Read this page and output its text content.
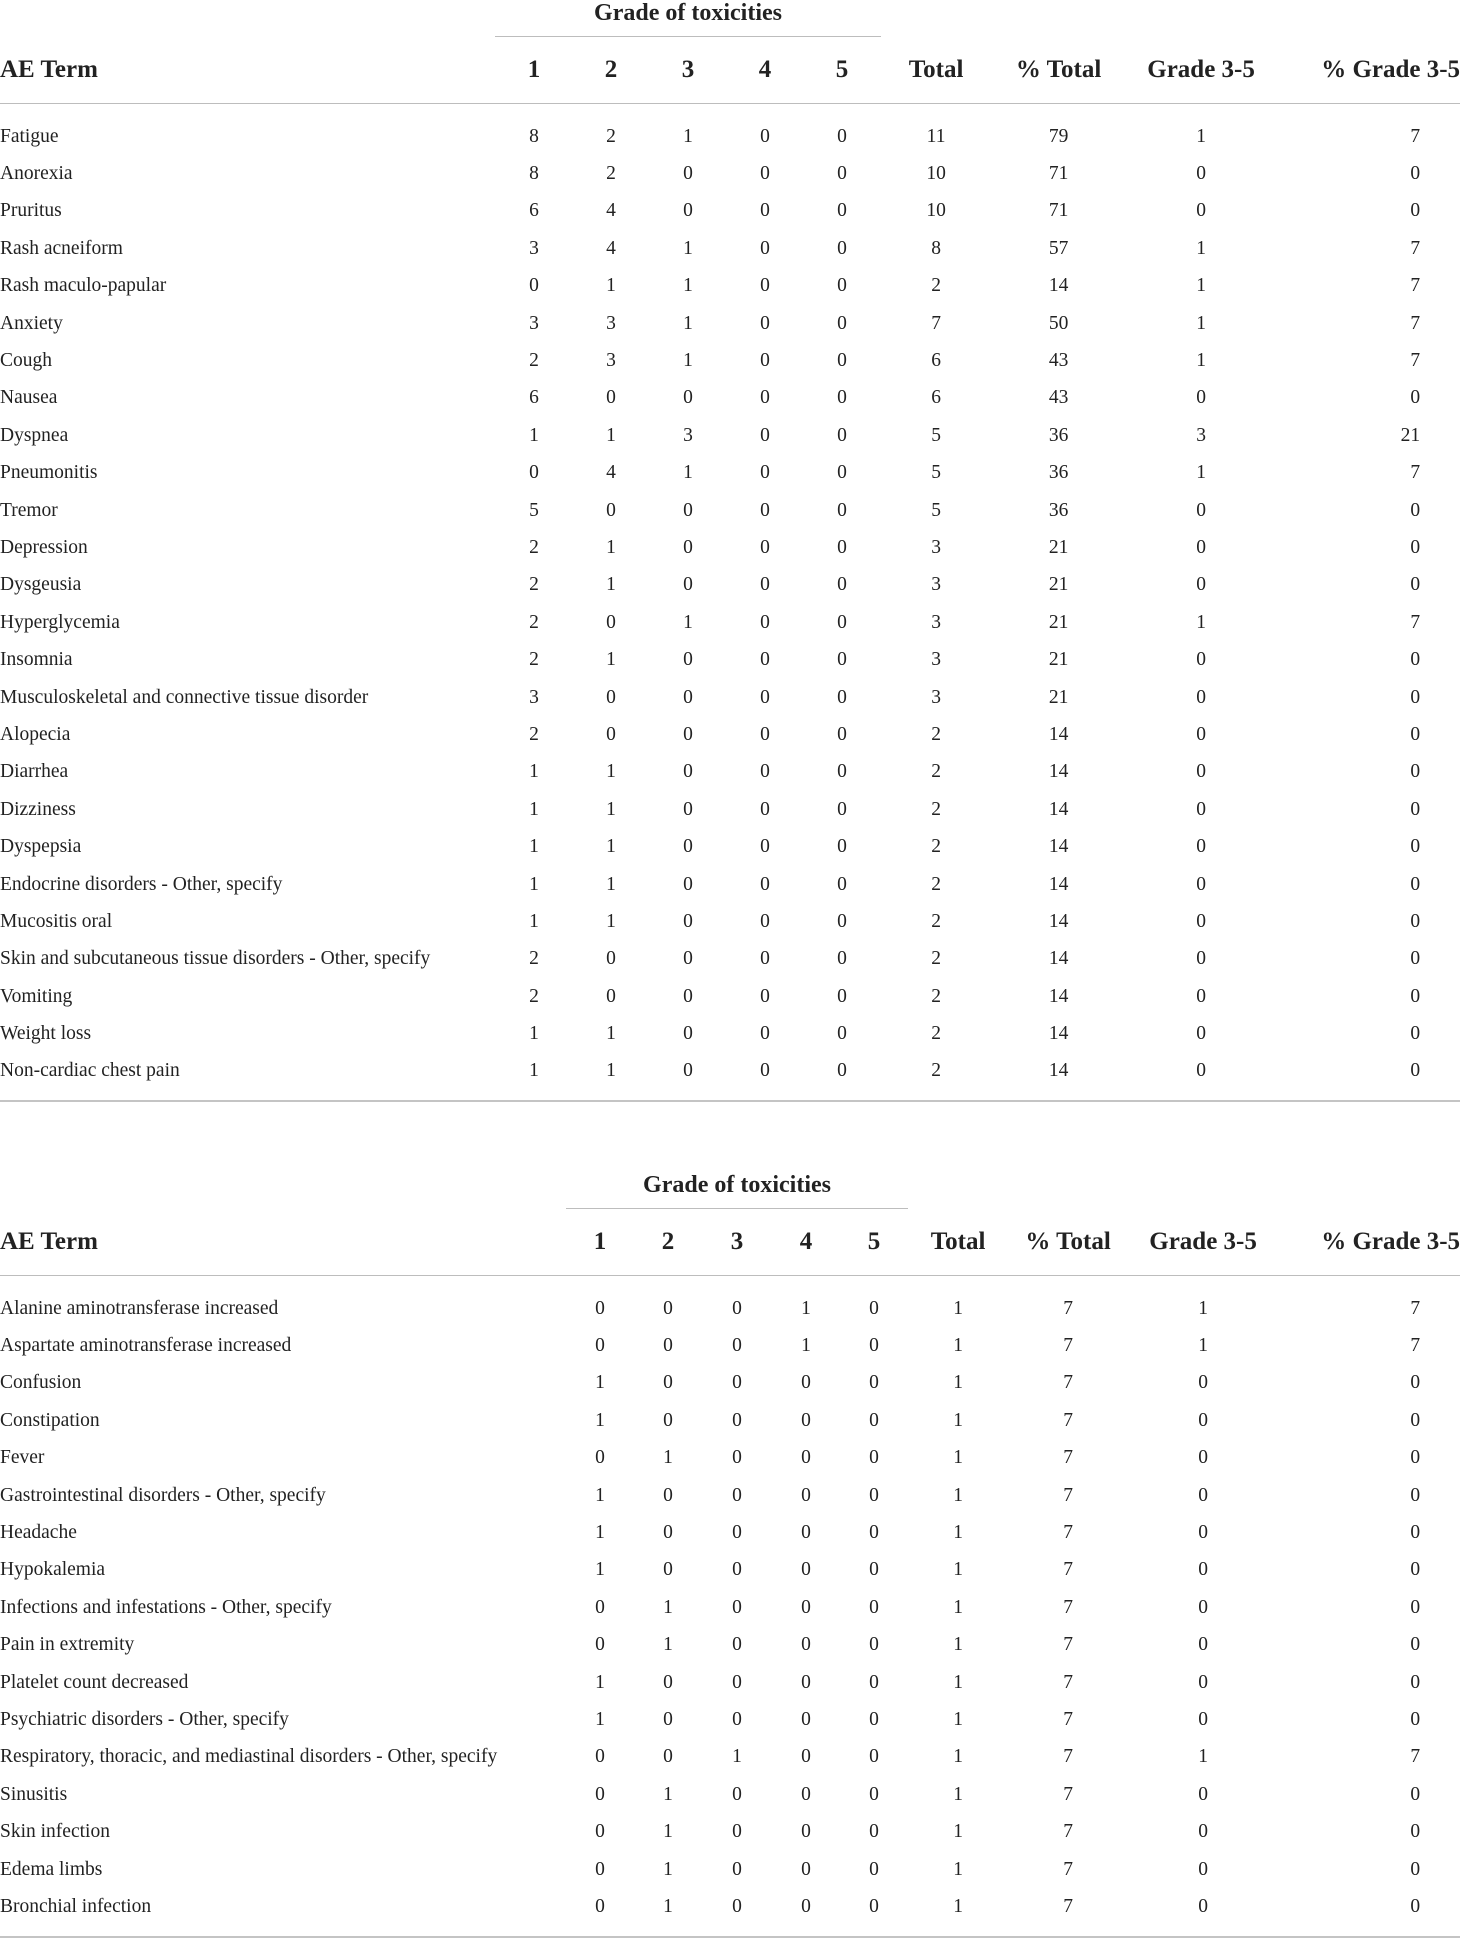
	Grade of toxicities								
AE Term	1	2	3	4	5	Total	% Total	Grade 3-5	% Grade 3-5
Fatigue	8	2	1	0	0	11	79	1	7
Anorexia	8	2	0	0	0	10	71	0	0
Pruritus	6	4	0	0	0	10	71	0	0
Rash acneiform	3	4	1	0	0	8	57	1	7
Rash maculo-papular	0	1	1	0	0	2	14	1	7
Anxiety	3	3	1	0	0	7	50	1	7
Cough	2	3	1	0	0	6	43	1	7
Nausea	6	0	0	0	0	6	43	0	0
Dyspnea	1	1	3	0	0	5	36	3	21
Pneumonitis	0	4	1	0	0	5	36	1	7
Tremor	5	0	0	0	0	5	36	0	0
Depression	2	1	0	0	0	3	21	0	0
Dysgeusia	2	1	0	0	0	3	21	0	0
Hyperglycemia	2	0	1	0	0	3	21	1	7
Insomnia	2	1	0	0	0	3	21	0	0
Musculoskeletal and connective tissue disorder	3	0	0	0	0	3	21	0	0
Alopecia	2	0	0	0	0	2	14	0	0
Diarrhea	1	1	0	0	0	2	14	0	0
Dizziness	1	1	0	0	0	2	14	0	0
Dyspepsia	1	1	0	0	0	2	14	0	0
Endocrine disorders - Other, specify	1	1	0	0	0	2	14	0	0
Mucositis oral	1	1	0	0	0	2	14	0	0
Skin and subcutaneous tissue disorders - Other, specify	2	0	0	0	0	2	14	0	0
Vomiting	2	0	0	0	0	2	14	0	0
Weight loss	1	1	0	0	0	2	14	0	0
Non-cardiac chest pain	1	1	0	0	0	2	14	0	0

	Grade of toxicities								
AE Term	1	2	3	4	5	Total	% Total	Grade 3-5	% Grade 3-5
Alanine aminotransferase increased	0	0	0	1	0	1	7	1	7
Aspartate aminotransferase increased	0	0	0	1	0	1	7	1	7
Confusion	1	0	0	0	0	1	7	0	0
Constipation	1	0	0	0	0	1	7	0	0
Fever	0	1	0	0	0	1	7	0	0
Gastrointestinal disorders - Other, specify	1	0	0	0	0	1	7	0	0
Headache	1	0	0	0	0	1	7	0	0
Hypokalemia	1	0	0	0	0	1	7	0	0
Infections and infestations - Other, specify	0	1	0	0	0	1	7	0	0
Pain in extremity	0	1	0	0	0	1	7	0	0
Platelet count decreased	1	0	0	0	0	1	7	0	0
Psychiatric disorders - Other, specify	1	0	0	0	0	1	7	0	0
Respiratory, thoracic, and mediastinal disorders - Other, specify	0	0	1	0	0	1	7	1	7
Sinusitis	0	1	0	0	0	1	7	0	0
Skin infection	0	1	0	0	0	1	7	0	0
Edema limbs	0	1	0	0	0	1	7	0	0
Bronchial infection	0	1	0	0	0	1	7	0	0
